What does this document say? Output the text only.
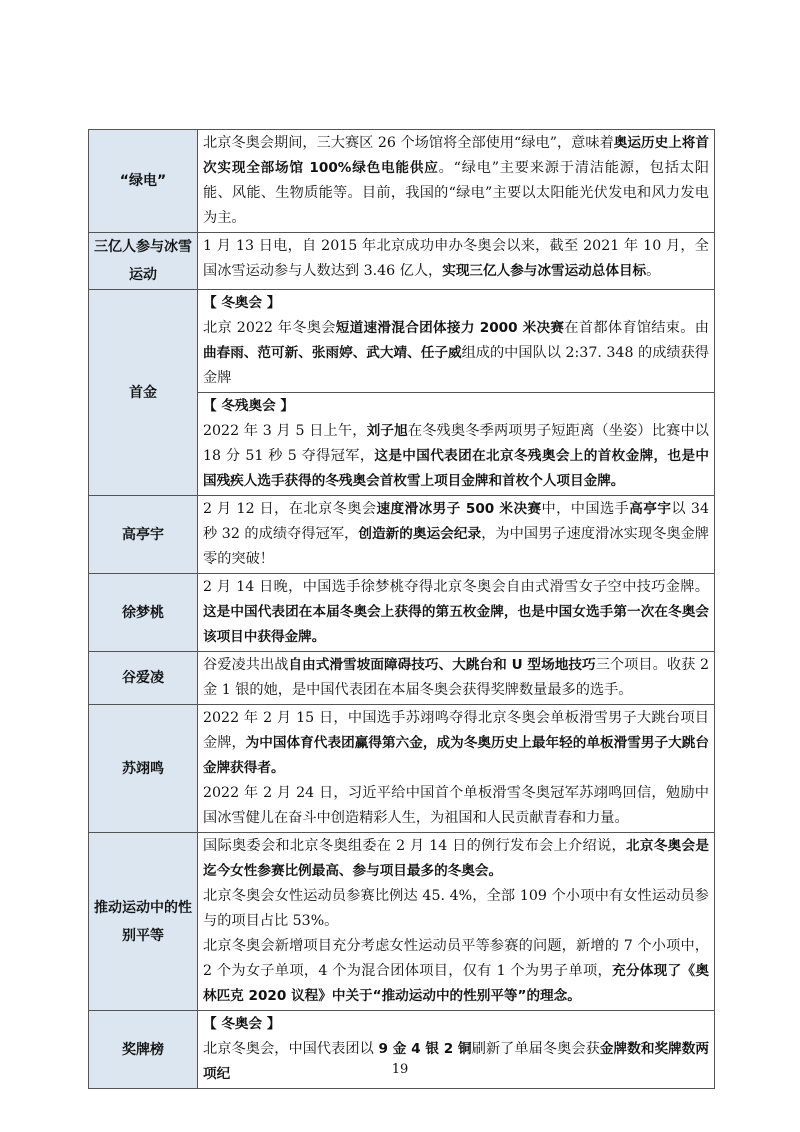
“绿电”	北京冬奥会期间，三大赛区 26 个场馆将全部使用“绿电”，意味着奥运历史上将首次实现全部场馆 100%绿色电能供应。“绿电”主要来源于清洁能源，包括太阳能、风能、生物质能等。目前，我国的“绿电”主要以太阳能光伏发电和风力发电为主。

三亿人参与冰雪运动	1 月 13 日电，自 2015 年北京成功申办冬奥会以来，截至 2021 年 10 月，全国冰雪运动参与人数达到 3.46 亿人，实现三亿人参与冰雪运动总体目标。

首金	【 冬奥会 】

北京 2022 年冬奥会短道速滑混合团体接力 2000 米决赛在首都体育馆结束。由曲春雨、范可新、张雨婷、武大靖、任子威组成的中国队以 2:37. 348 的成绩获得金牌

	【 冬残奥会 】

2022 年 3 月 5 日上午，刘子旭在冬残奥冬季两项男子短距离（坐姿）比赛中以 18 分 51 秒 5 夺得冠军，这是中国代表团在北京冬残奥会上的首枚金牌，也是中国残疾人选手获得的冬残奥会首枚雪上项目金牌和首枚个人项目金牌。

高亭宇	2 月 12 日，在北京冬奥会速度滑冰男子 500 米决赛中，中国选手高亭宇以 34 秒 32 的成绩夺得冠军，创造新的奥运会纪录，为中国男子速度滑冰实现冬奥金牌零的突破！

徐梦桃	2 月 14 日晚，中国选手徐梦桃夺得北京冬奥会自由式滑雪女子空中技巧金牌。这是中国代表团在本届冬奥会上获得的第五枚金牌，也是中国女选手第一次在冬奥会该项目中获得金牌。

谷爱凌	谷爱凌共出战自由式滑雪坡面障碍技巧、大跳台和 U 型场地技巧三个项目。收获 2 金 1 银的她，是中国代表团在本届冬奥会获得奖牌数量最多的选手。

苏翊鸣	2022 年 2 月 15 日，中国选手苏翊鸣夺得北京冬奥会单板滑雪男子大跳台项目金牌，为中国体育代表团赢得第六金，成为冬奥历史上最年轻的单板滑雪男子大跳台金牌获得者。

2022 年 2 月 24 日，习近平给中国首个单板滑雪冬奥冠军苏翊鸣回信，勉励中国冰雪健儿在奋斗中创造精彩人生，为祖国和人民贡献青春和力量。

推动运动中的性别平等	国际奥委会和北京冬奥组委在 2 月 14 日的例行发布会上介绍说，北京冬奥会是迄今女性参赛比例最高、参与项目最多的冬奥会。

北京冬奥会女性运动员参赛比例达 45. 4%，全部 109 个小项中有女性运动员参与的项目占比 53%。

北京冬奥会新增项目充分考虑女性运动员平等参赛的问题，新增的 7 个小项中，2 个为女子单项，4 个为混合团体项目，仅有 1 个为男子单项，充分体现了《奥林匹克 2020 议程》中关于“推动运动中的性别平等”的理念。

奖牌榜	【 冬奥会 】

北京冬奥会，中国代表团以 9 金 4 银 2 铜刷新了单届冬奥会获金牌数和奖牌数两项纪	19
